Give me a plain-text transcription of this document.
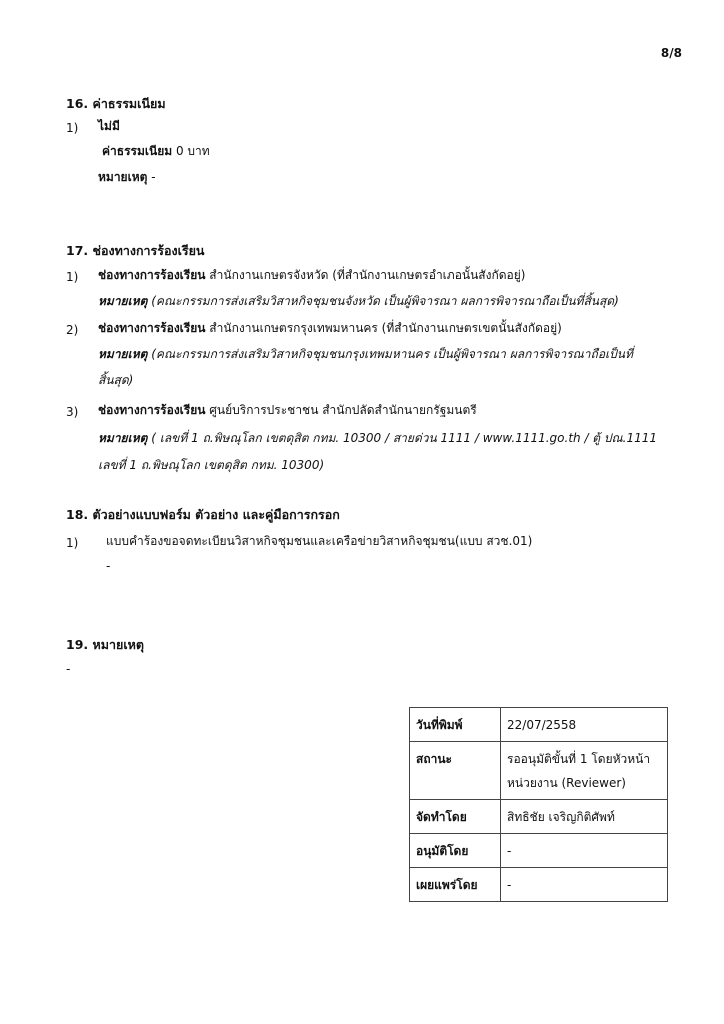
8/8
16. ค่าธรรมเนียม
1) ไม่มี
ค่าธรรมเนียม 0 บาท
หมายเหตุ -
17. ช่องทางการร้องเรียน
1) ช่องทางการร้องเรียน สำนักงานเกษตรจังหวัด (ที่สำนักงานเกษตรอำเภอนั้นสังกัดอยู่)
หมายเหตุ (คณะกรรมการส่งเสริมวิสาหกิจชุมชนจังหวัด เป็นผู้พิจารณา ผลการพิจารณาถือเป็นที่สิ้นสุด)
2) ช่องทางการร้องเรียน สำนักงานเกษตรกรุงเทพมหานคร (ที่สำนักงานเกษตรเขตนั้นสังกัดอยู่)
หมายเหตุ (คณะกรรมการส่งเสริมวิสาหกิจชุมชนกรุงเทพมหานคร เป็นผู้พิจารณา ผลการพิจารณาถือเป็นที่
สิ้นสุด)
3) ช่องทางการร้องเรียน ศูนย์บริการประชาชน สำนักปลัดสำนักนายกรัฐมนตรี
หมายเหตุ ( เลขที่ 1 ถ.พิษณุโลก เขตดุสิต กทม. 10300 / สายด่วน 1111 / www.1111.go.th / ตู้ ปณ.1111
เลขที่ 1 ถ.พิษณุโลก เขตดุสิต กทม. 10300)
18. ตัวอย่างแบบฟอร์ม ตัวอย่าง และคู่มือการกรอก
1) แบบคำร้องขอจดทะเบียนวิสาหกิจชุมชนและเครือข่ายวิสาหกิจชุมชน(แบบ สวช.01)
-
19. หมายเหตุ
-
วันที่พิมพ์	22/07/2558
สถานะ	รออนุมัติขั้นที่ 1 โดยหัวหน้าหน่วยงาน (Reviewer)
จัดทำโดย	สิทธิชัย เจริญกิติศัพท์
อนุมัติโดย	-
เผยแพร่โดย	-
